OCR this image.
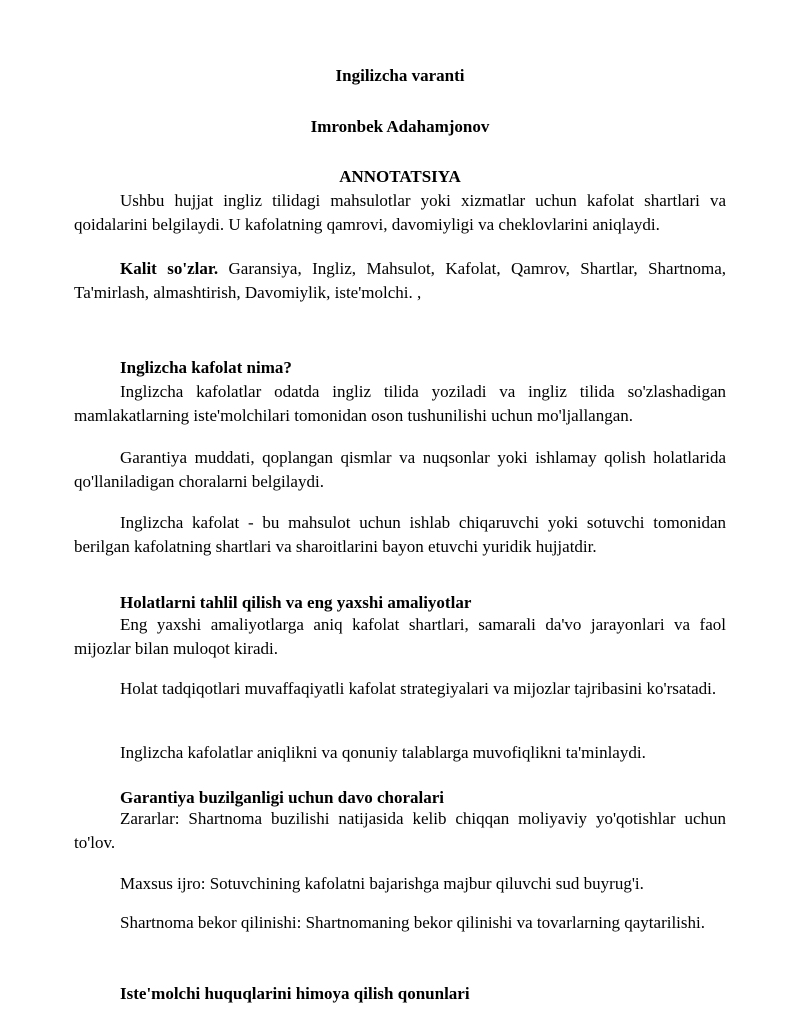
Ingilizcha varanti

Imronbek Adahamjonov

ANNOTATSIYA

Ushbu hujjat ingliz tilidagi mahsulotlar yoki xizmatlar uchun kafolat shartlari va qoidalarini belgilaydi. U kafolatning qamrovi, davomiyligi va cheklovlarini aniqlaydi.

Kalit so'zlar. Garansiya, Ingliz, Mahsulot, Kafolat, Qamrov, Shartlar, Shartnoma, Ta'mirlash, almashtirish, Davomiylik, iste'molchi. ,

Inglizcha kafolat nima?

Inglizcha kafolatlar odatda ingliz tilida yoziladi va ingliz tilida so'zlashadigan mamlakatlarning iste'molchilari tomonidan oson tushunilishi uchun mo'ljallangan.

Garantiya muddati, qoplangan qismlar va nuqsonlar yoki ishlamay qolish holatlarida qo'llaniladigan choralarni belgilaydi.

Inglizcha kafolat - bu mahsulot uchun ishlab chiqaruvchi yoki sotuvchi tomonidan berilgan kafolatning shartlari va sharoitlarini bayon etuvchi yuridik hujjatdir.

Holatlarni tahlil qilish va eng yaxshi amaliyotlar

Eng yaxshi amaliyotlarga aniq kafolat shartlari, samarali da'vo jarayonlari va faol mijozlar bilan muloqot kiradi.

Holat tadqiqotlari muvaffaqiyatli kafolat strategiyalari va mijozlar tajribasini ko'rsatadi.

Inglizcha kafolatlar aniqlikni va qonuniy talablarga muvofiqlikni ta'minlaydi.

Garantiya buzilganligi uchun davo choralari

Zararlar: Shartnoma buzilishi natijasida kelib chiqqan moliyaviy yo'qotishlar uchun to'lov.

Maxsus ijro: Sotuvchining kafolatni bajarishga majbur qiluvchi sud buyrug'i.

Shartnoma bekor qilinishi: Shartnomaning bekor qilinishi va tovarlarning qaytarilishi.

Iste'molchi huquqlarini himoya qilish qonunlari
